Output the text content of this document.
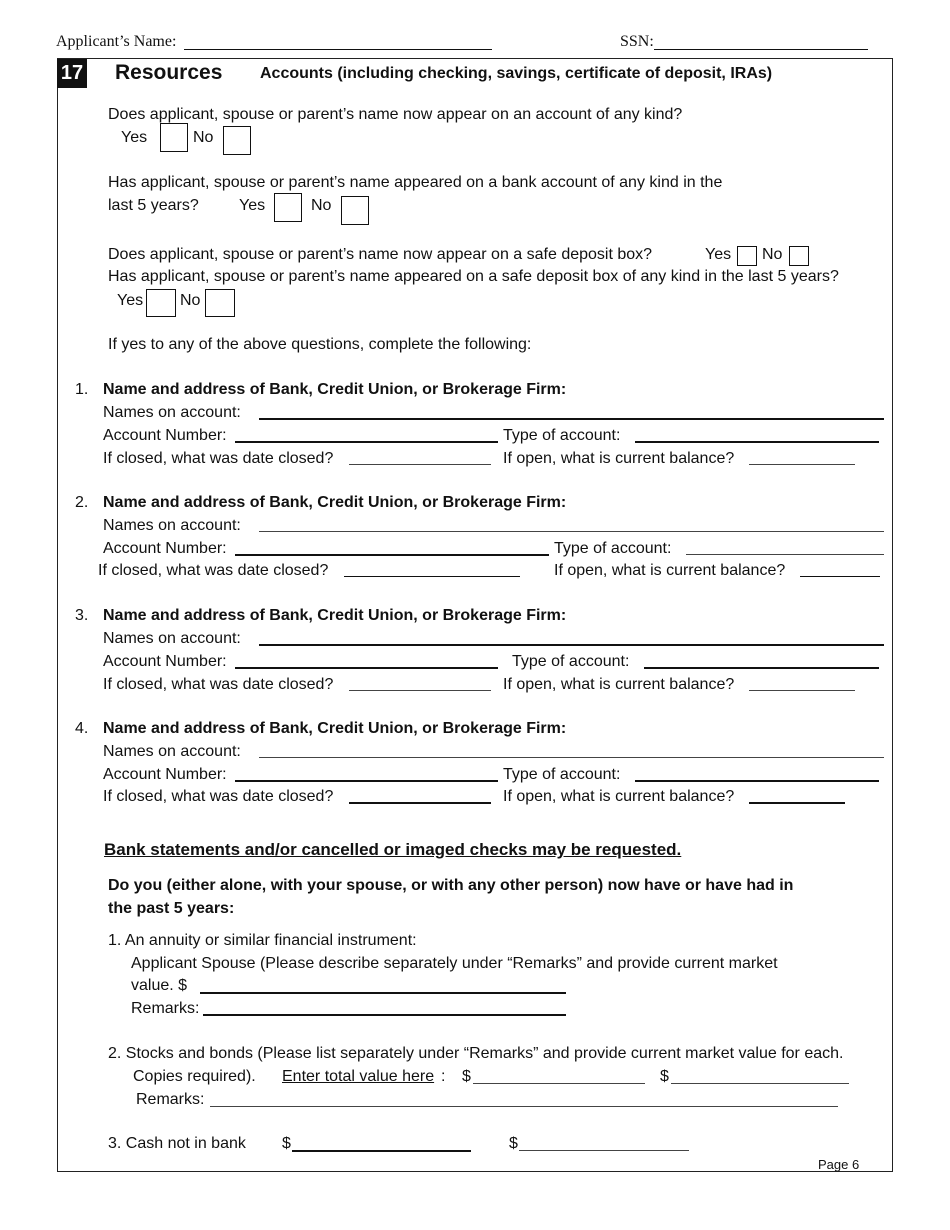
Applicant’s Name:	SSN:
17 Resources Accounts (including checking, savings, certificate of deposit, IRAs)
Does applicant, spouse or parent’s name now appear on an account of any kind?
Yes	No
Has applicant, spouse or parent’s name appeared on a bank account of any kind in the
last 5 years?	Yes	No
Does applicant, spouse or parent’s name now appear on a safe deposit box?	Yes No
Has applicant, spouse or parent’s name appeared on a safe deposit box of any kind in the last 5 years?
Yes No
If yes to any of the above questions, complete the following:
1. Name and address of Bank, Credit Union, or Brokerage Firm:
Names on account:
Account Number:	Type of account:
If closed, what was date closed?	If open, what is current balance?
2. Name and address of Bank, Credit Union, or Brokerage Firm:
Names on account:
Account Number:	Type of account:
If closed, what was date closed?	If open, what is current balance?
3. Name and address of Bank, Credit Union, or Brokerage Firm:
Names on account:
Account Number:	Type of account:
If closed, what was date closed?	If open, what is current balance?
4. Name and address of Bank, Credit Union, or Brokerage Firm:
Names on account:
Account Number:	Type of account:
If closed, what was date closed?	If open, what is current balance?
Bank statements and/or cancelled or imaged checks may be requested.
Do you (either alone, with your spouse, or with any other person) now have or have had in
the past 5 years:
1. An annuity or similar financial instrument:
Applicant Spouse (Please describe separately under “Remarks” and provide current market
value. $
Remarks:
2. Stocks and bonds (Please list separately under “Remarks” and provide current market value for each.
Copies required). Enter total value here : $	$
Remarks:
3. Cash not in bank $	$
Page 6
